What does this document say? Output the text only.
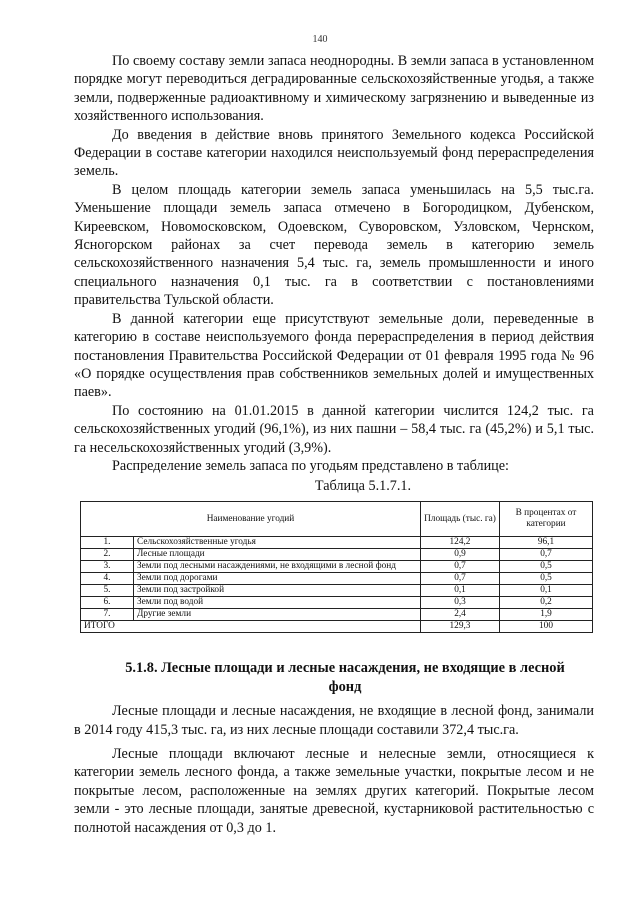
140

По своему составу земли запаса неоднородны. В земли запаса в установленном порядке могут переводиться деградированные сельскохозяйственные угодья, а также земли, подверженные радиоактивному и химическому загрязнению и выведенные из хозяйственного использования.

До введения в действие вновь принятого Земельного кодекса Российской Федерации в составе категории находился неиспользуемый фонд перераспределения земель.

В целом площадь категории земель запаса уменьшилась на 5,5 тыс.га. Уменьшение площади земель запаса отмечено в Богородицком, Дубенском, Киреевском, Новомосковском, Одоевском, Суворовском, Узловском, Чернском, Ясногорском районах за счет перевода земель в категорию земель сельскохозяйственного назначения 5,4 тыс. га, земель промышленности и иного специального назначения 0,1 тыс. га в соответствии с постановлениями правительства Тульской области.

В данной категории еще присутствуют земельные доли, переведенные в категорию в составе неиспользуемого фонда перераспределения в период действия постановления Правительства Российской Федерации от 01 февраля 1995 года № 96 «О порядке осуществления прав собственников земельных долей и имущественных паев».

По состоянию на 01.01.2015 в данной категории числится 124,2 тыс. га сельскохозяйственных угодий (96,1%), из них пашни – 58,4 тыс. га (45,2%) и 5,1 тыс. га несельскохозяйственных угодий (3,9%).

Распределение земель запаса по угодьям представлено в таблице:

Таблица 5.1.7.1.
Наименование угодий		Площадь (тыс. га)	В процентах от категории
1.	Сельскохозяйственные угодья	124,2	96,1
2.	Лесные площади	0,9	0,7
3.	Земли под лесными насаждениями, не входящими в лесной фонд	0,7	0,5
4.	Земли под дорогами	0,7	0,5
5.	Земли под застройкой	0,1	0,1
6.	Земли под водой	0,3	0,2
7.	Другие земли	2,4	1,9
ИТОГО		129,3	100
5.1.8. Лесные площади и лесные насаждения, не входящие в лесной фонд

Лесные площади и лесные насаждения, не входящие в лесной фонд, занимали в 2014 году 415,3 тыс. га, из них лесные площади составили 372,4 тыс.га.

Лесные площади включают лесные и нелесные земли, относящиеся к категории земель лесного фонда, а также земельные участки, покрытые лесом и не покрытые лесом, расположенные на землях других категорий. Покрытые лесом земли - это лесные площади, занятые древесной, кустарниковой растительностью с полнотой насаждения от 0,3 до 1.
